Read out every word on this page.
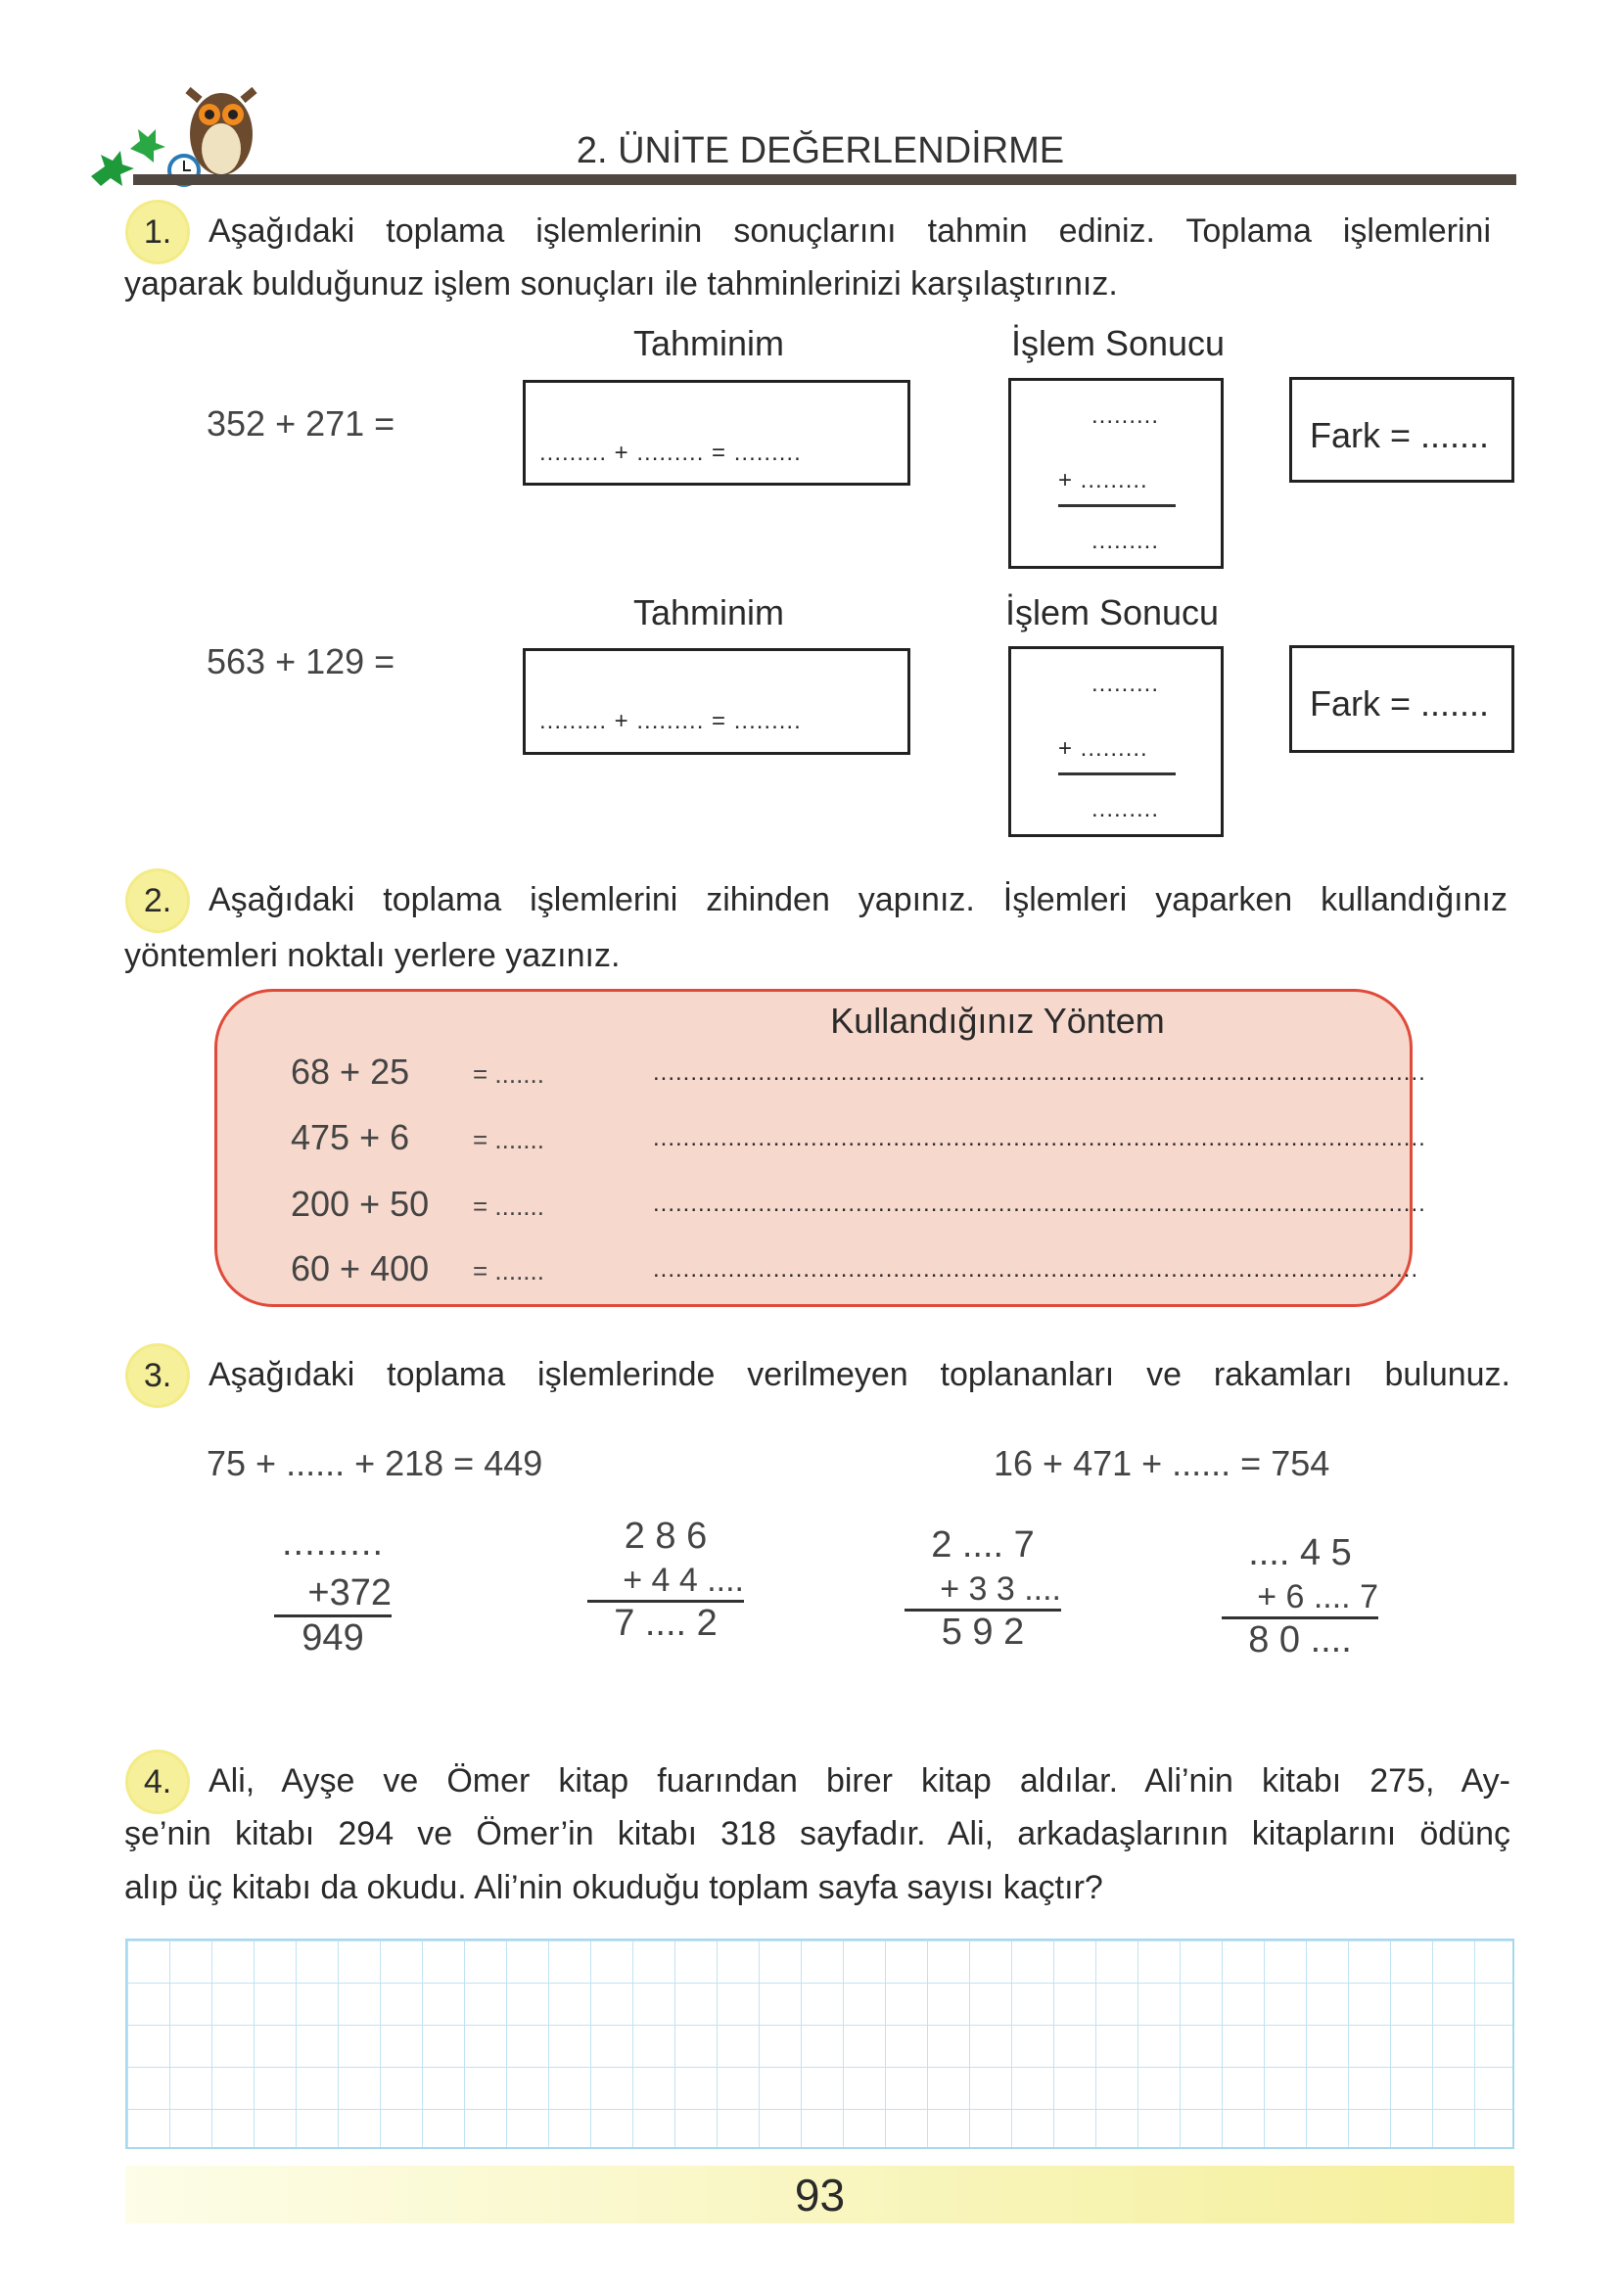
2. ÜNİTE DEĞERLENDİRME
1.	Aşağıdaki toplama işlemlerinin sonuçlarını tahmin ediniz. Toplama işlemlerini
yaparak bulduğunuz işlem sonuçları ile tahminlerinizi karşılaştırınız.
Tahminim	İşlem Sonucu
352 + 271 =
......... + ......... = .........
.........
+ .........
.........
Fark = .......
Tahminim	İşlem Sonucu
563 + 129 =
......... + ......... = .........
.........
+ .........
.........
Fark = .......
2.	Aşağıdaki toplama işlemlerini zihinden yapınız. İşlemleri yaparken kullandığınız
yöntemleri noktalı yerlere yazınız.
Kullandığınız Yöntem
68 + 25 = .......	.......................................................................................................
475 + 6 = .......	.......................................................................................................
200 + 50 = .......	.......................................................................................................
60 + 400 = .......	......................................................................................................
3.	Aşağıdaki toplama işlemlerinde verilmeyen toplananları ve rakamları bulunuz.
75 + ...... + 218 = 449	16 + 471 + ...... = 754
.........
+372
949
2 8 6
+ 4 4 ....
7 .... 2
2 .... 7
+ 3 3 ....
5 9 2
.... 4 5
+ 6 .... 7
8 0 ....
4.	Ali, Ayşe ve Ömer kitap fuarından birer kitap aldılar. Ali’nin kitabı 275, Ay-
şe’nin kitabı 294 ve Ömer’in kitabı 318 sayfadır. Ali, arkadaşlarının kitaplarını ödünç
alıp üç kitabı da okudu. Ali’nin okuduğu toplam sayfa sayısı kaçtır?
93
